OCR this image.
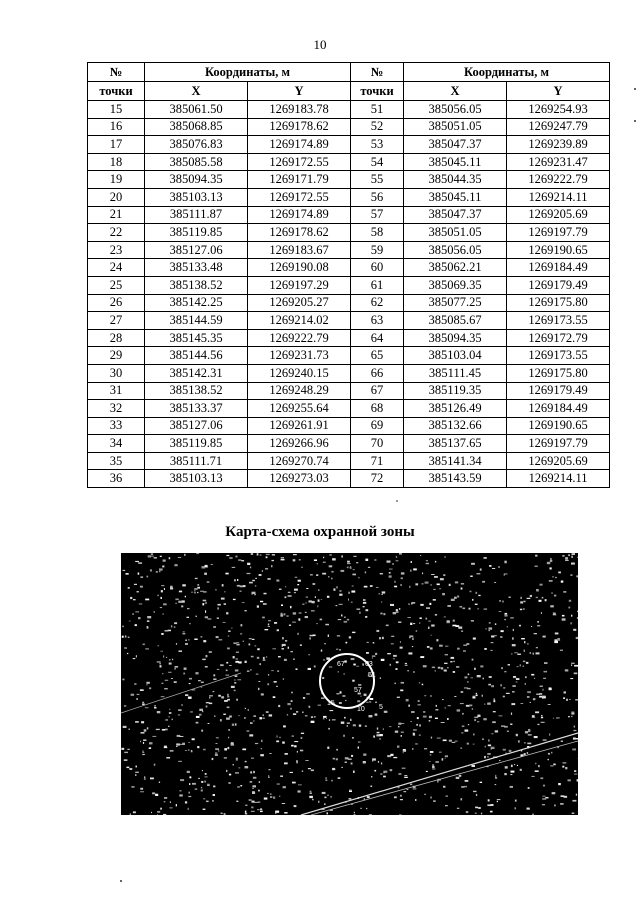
10
№	Координаты, м		№	Координаты, м	
точки	X	Y	точки	X	Y
15	385061.50	1269183.78	51	385056.05	1269254.93
16	385068.85	1269178.62	52	385051.05	1269247.79
17	385076.83	1269174.89	53	385047.37	1269239.89
18	385085.58	1269172.55	54	385045.11	1269231.47
19	385094.35	1269171.79	55	385044.35	1269222.79
20	385103.13	1269172.55	56	385045.11	1269214.11
21	385111.87	1269174.89	57	385047.37	1269205.69
22	385119.85	1269178.62	58	385051.05	1269197.79
23	385127.06	1269183.67	59	385056.05	1269190.65
24	385133.48	1269190.08	60	385062.21	1269184.49
25	385138.52	1269197.29	61	385069.35	1269179.49
26	385142.25	1269205.27	62	385077.25	1269175.80
27	385144.59	1269214.02	63	385085.67	1269173.55
28	385145.35	1269222.79	64	385094.35	1269172.79
29	385144.56	1269231.73	65	385103.04	1269173.55
30	385142.31	1269240.15	66	385111.45	1269175.80
31	385138.52	1269248.29	67	385119.35	1269179.49
32	385133.37	1269255.64	68	385126.49	1269184.49
33	385127.06	1269261.91	69	385132.66	1269190.65
34	385119.85	1269266.96	70	385137.65	1269197.79
35	385111.71	1269270.74	71	385141.34	1269205.69
36	385103.13	1269273.03	72	385143.59	1269214.11
Карта-схема охранной зоны
15
10 5
57
67	63
51
